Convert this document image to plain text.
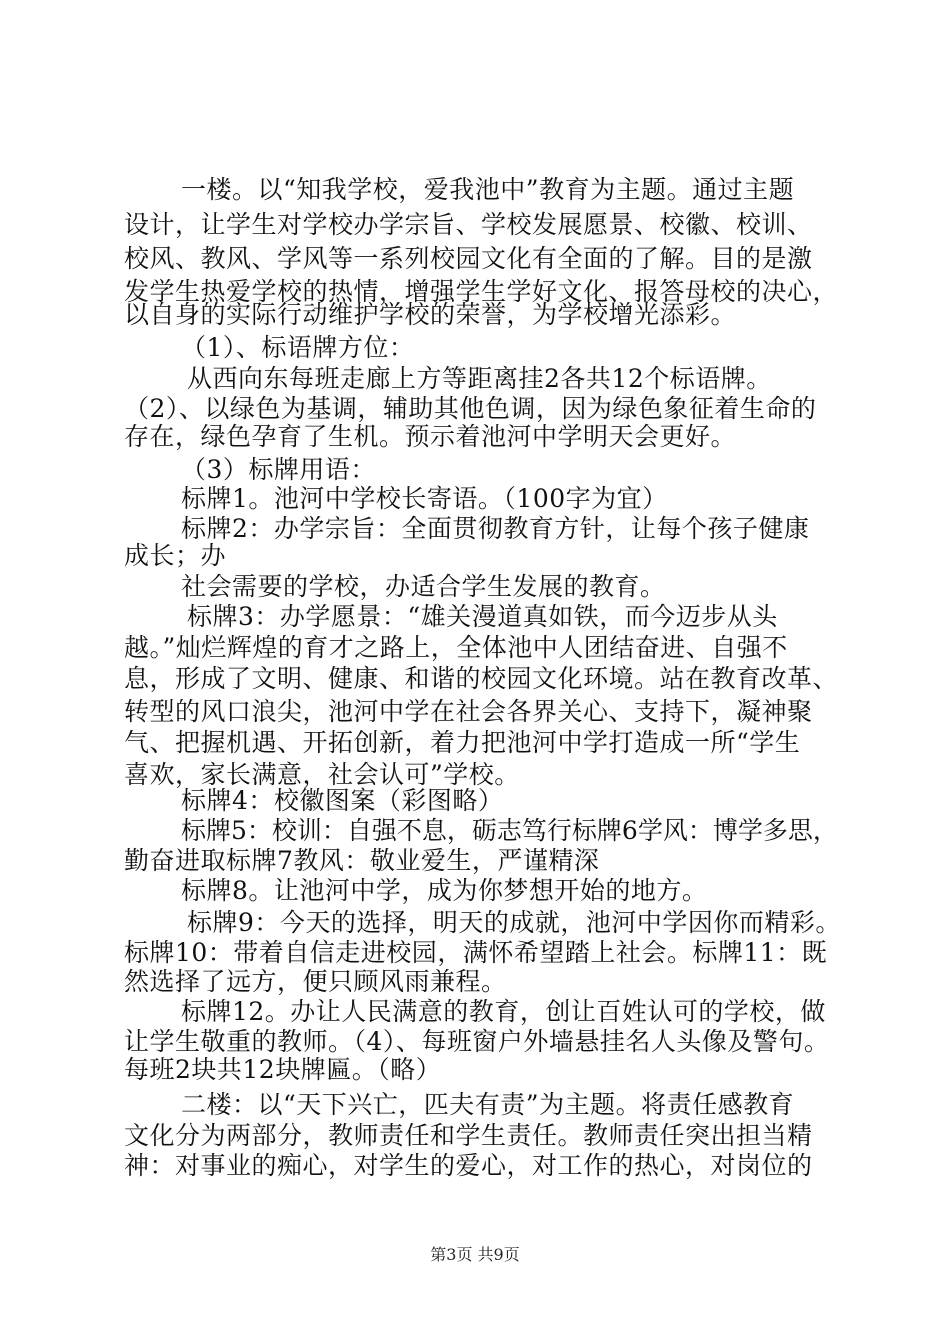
一楼。以“知我学校，爱我池中”教育为主题。通过主题
设计，让学生对学校办学宗旨、学校发展愿景、校徽、校训、
校风、教风、学风等一系列校园文化有全面的了解。目的是激
发学生热爱学校的热情，增强学生学好文化、报答母校的决心，
以自身的实际行动维护学校的荣誉，为学校增光添彩。
（1）、标语牌方位：
从西向东每班走廊上方等距离挂2各共12个标语牌。
（2）、以绿色为基调，辅助其他色调，因为绿色象征着生命的
存在，绿色孕育了生机。预示着池河中学明天会更好。
（3）标牌用语：
标牌1。池河中学校长寄语。（100字为宜）
标牌2：办学宗旨：全面贯彻教育方针，让每个孩子健康
成长；办
社会需要的学校，办适合学生发展的教育。
标牌3：办学愿景：“雄关漫道真如铁，而今迈步从头
越。”灿烂辉煌的育才之路上，全体池中人团结奋进、自强不
息，形成了文明、健康、和谐的校园文化环境。站在教育改革、
转型的风口浪尖，池河中学在社会各界关心、支持下，凝神聚
气、把握机遇、开拓创新，着力把池河中学打造成一所“学生
喜欢，家长满意，社会认可”学校。
标牌4：校徽图案（彩图略）
标牌5：校训：自强不息，砺志笃行标牌6学风：博学多思，
勤奋进取标牌7教风：敬业爱生，严谨精深
标牌8。让池河中学，成为你梦想开始的地方。
标牌9：今天的选择，明天的成就，池河中学因你而精彩。
标牌10：带着自信走进校园，满怀希望踏上社会。标牌11：既
然选择了远方，便只顾风雨兼程。
标牌12。办让人民满意的教育，创让百姓认可的学校，做
让学生敬重的教师。（4）、每班窗户外墙悬挂名人头像及警句。
每班2块共12块牌匾。（略）
二楼：以“天下兴亡，匹夫有责”为主题。将责任感教育
文化分为两部分，教师责任和学生责任。教师责任突出担当精
神：对事业的痴心，对学生的爱心，对工作的热心，对岗位的
第3页 共9页
